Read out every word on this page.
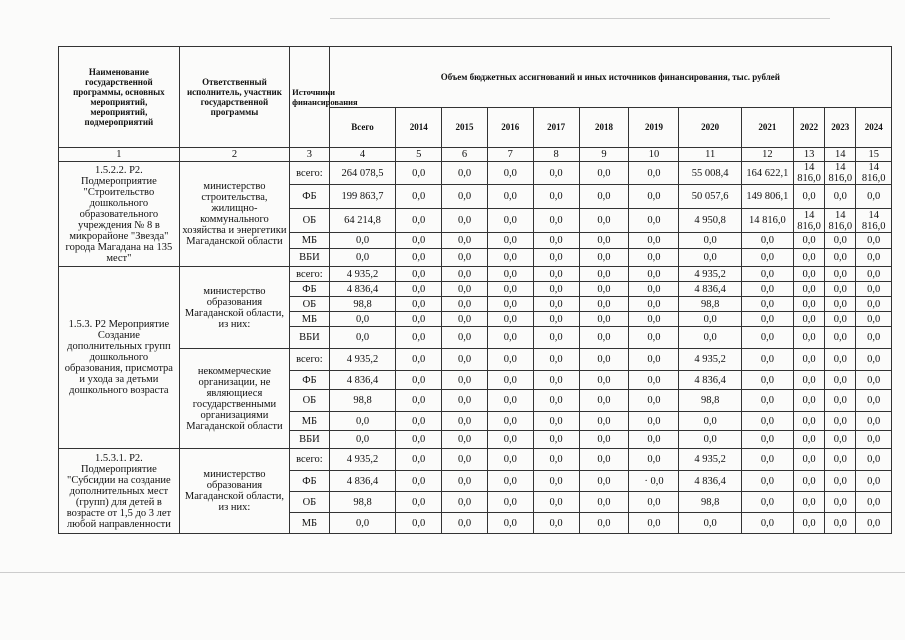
Наименование государственной программы, основных мероприятий, мероприятий, подмероприятий	Ответственный исполнитель, участник государственной программы	Источники финансирования	Объем бюджетных ассигнований и иных источников финансирования, тыс. рублей											
			Всего	2014	2015	2016	2017	2018	2019	2020	2021	2022	2023	2024
1	2	3	4	5	6	7	8	9	10	11	12	13	14	15
1.5.2.2. Р2. Подмероприятие "Строительство дошкольного образовательного учреждения № 8 в микрорайоне "Звезда" города Магадана на 135 мест"	министерство строительства, жилищно-коммунального хозяйства и энергетики Магаданской области	всего:	264 078,5	0,0	0,0	0,0	0,0	0,0	0,0	55 008,4	164 622,1	14 816,0	14 816,0	14 816,0
		ФБ	199 863,7	0,0	0,0	0,0	0,0	0,0	0,0	50 057,6	149 806,1	0,0	0,0	0,0
		ОБ	64 214,8	0,0	0,0	0,0	0,0	0,0	0,0	4 950,8	14 816,0	14 816,0	14 816,0	14 816,0
		МБ	0,0	0,0	0,0	0,0	0,0	0,0	0,0	0,0	0,0	0,0	0,0	0,0
		ВБИ	0,0	0,0	0,0	0,0	0,0	0,0	0,0	0,0	0,0	0,0	0,0	0,0
1.5.3. Р2 Мероприятие Создание дополнительных групп дошкольного образования, присмотра и ухода за детьми дошкольного возраста	министерство образования Магаданской области, из них:	всего:	4 935,2	0,0	0,0	0,0	0,0	0,0	0,0	4 935,2	0,0	0,0	0,0	0,0
		ФБ	4 836,4	0,0	0,0	0,0	0,0	0,0	0,0	4 836,4	0,0	0,0	0,0	0,0
		ОБ	98,8	0,0	0,0	0,0	0,0	0,0	0,0	98,8	0,0	0,0	0,0	0,0
		МБ	0,0	0,0	0,0	0,0	0,0	0,0	0,0	0,0	0,0	0,0	0,0	0,0
		ВБИ	0,0	0,0	0,0	0,0	0,0	0,0	0,0	0,0	0,0	0,0	0,0	0,0
	некоммерческие организации, не являющиеся государственными организациями Магаданской области	всего:	4 935,2	0,0	0,0	0,0	0,0	0,0	0,0	4 935,2	0,0	0,0	0,0	0,0
		ФБ	4 836,4	0,0	0,0	0,0	0,0	0,0	0,0	4 836,4	0,0	0,0	0,0	0,0
		ОБ	98,8	0,0	0,0	0,0	0,0	0,0	0,0	98,8	0,0	0,0	0,0	0,0
		МБ	0,0	0,0	0,0	0,0	0,0	0,0	0,0	0,0	0,0	0,0	0,0	0,0
		ВБИ	0,0	0,0	0,0	0,0	0,0	0,0	0,0	0,0	0,0	0,0	0,0	0,0
1.5.3.1. Р2. Подмероприятие "Субсидии на создание дополнительных мест (групп) для детей в возрасте от 1,5 до 3 лет любой направленности	министерство образования Магаданской области, из них:	всего:	4 935,2	0,0	0,0	0,0	0,0	0,0	0,0	4 935,2	0,0	0,0	0,0	0,0
		ФБ	4 836,4	0,0	0,0	0,0	0,0	0,0	· 0,0	4 836,4	0,0	0,0	0,0	0,0
		ОБ	98,8	0,0	0,0	0,0	0,0	0,0	0,0	98,8	0,0	0,0	0,0	0,0
		МБ	0,0	0,0	0,0	0,0	0,0	0,0	0,0	0,0	0,0	0,0	0,0	0,0
